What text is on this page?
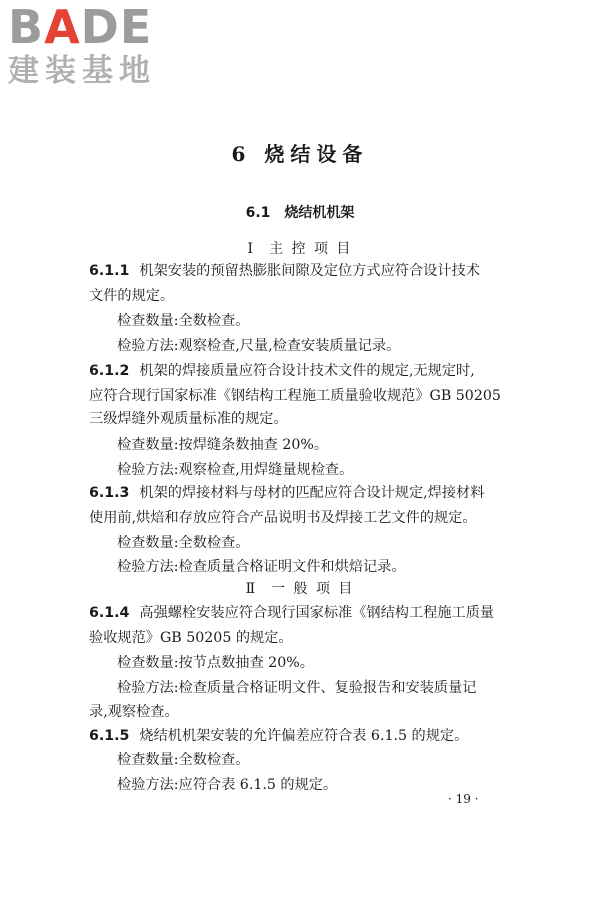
BADE
建装基地
6 烧结设备
6.1 烧结机机架
Ⅰ 主 控 项 目
6.1.1 机架安装的预留热膨胀间隙及定位方式应符合设计技术
文件的规定。
检查数量:全数检查。
检验方法:观察检查,尺量,检查安装质量记录。
6.1.2 机架的焊接质量应符合设计技术文件的规定,无规定时,
应符合现行国家标准《钢结构工程施工质量验收规范》GB 50205
三级焊缝外观质量标准的规定。
检查数量:按焊缝条数抽查 20%。
检验方法:观察检查,用焊缝量规检查。
6.1.3 机架的焊接材料与母材的匹配应符合设计规定,焊接材料
使用前,烘焙和存放应符合产品说明书及焊接工艺文件的规定。
检查数量:全数检查。
检验方法:检查质量合格证明文件和烘焙记录。
Ⅱ 一 般 项 目
6.1.4 高强螺栓安装应符合现行国家标准《钢结构工程施工质量
验收规范》GB 50205 的规定。
检查数量:按节点数抽查 20%。
检验方法:检查质量合格证明文件、复验报告和安装质量记
录,观察检查。
6.1.5 烧结机机架安装的允许偏差应符合表 6.1.5 的规定。
检查数量:全数检查。
检验方法:应符合表 6.1.5 的规定。
· 19 ·
